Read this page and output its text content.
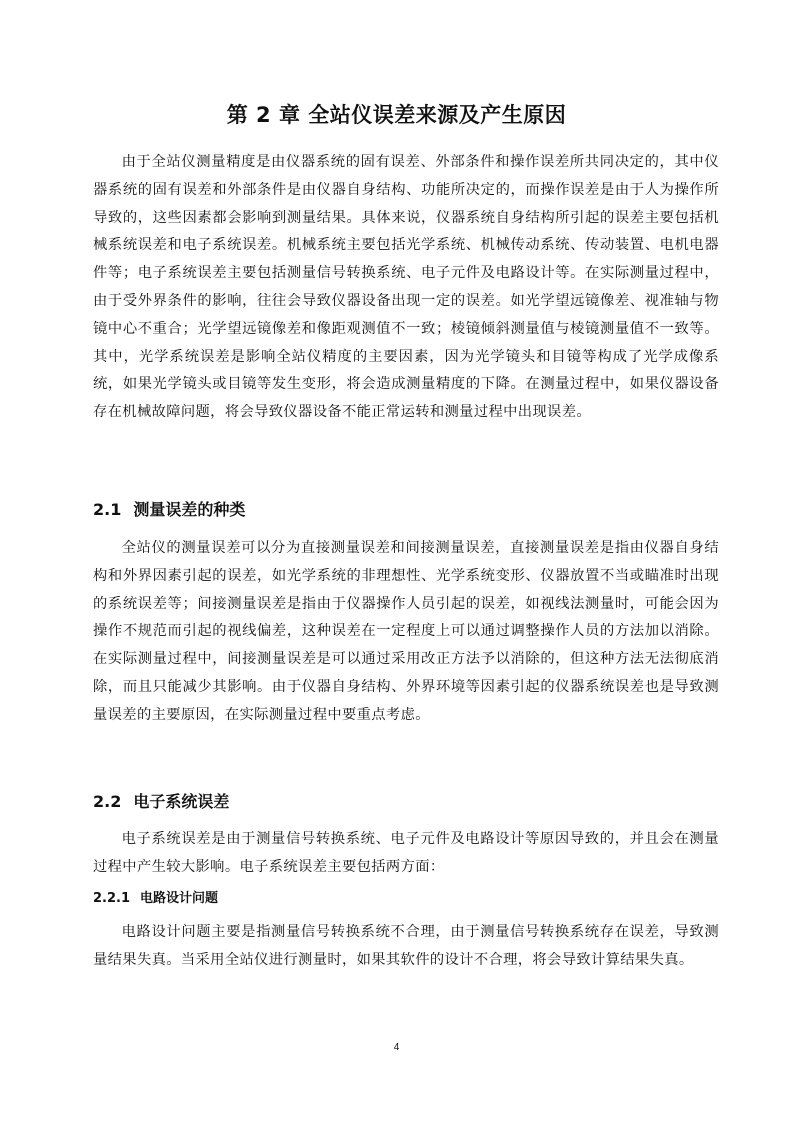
第 2 章 全站仪误差来源及产生原因

由于全站仪测量精度是由仪器系统的固有误差、外部条件和操作误差所共同决定的，其中仪器系统的固有误差和外部条件是由仪器自身结构、功能所决定的，而操作误差是由于人为操作所导致的，这些因素都会影响到测量结果。具体来说，仪器系统自身结构所引起的误差主要包括机械系统误差和电子系统误差。机械系统主要包括光学系统、机械传动系统、传动装置、电机电器件等；电子系统误差主要包括测量信号转换系统、电子元件及电路设计等。在实际测量过程中，由于受外界条件的影响，往往会导致仪器设备出现一定的误差。如光学望远镜像差、视准轴与物镜中心不重合；光学望远镜像差和像距观测值不一致；棱镜倾斜测量值与棱镜测量值不一致等。其中，光学系统误差是影响全站仪精度的主要因素，因为光学镜头和目镜等构成了光学成像系统，如果光学镜头或目镜等发生变形，将会造成测量精度的下降。在测量过程中，如果仪器设备存在机械故障问题，将会导致仪器设备不能正常运转和测量过程中出现误差。

2.1 测量误差的种类

全站仪的测量误差可以分为直接测量误差和间接测量误差，直接测量误差是指由仪器自身结构和外界因素引起的误差，如光学系统的非理想性、光学系统变形、仪器放置不当或瞄准时出现的系统误差等；间接测量误差是指由于仪器操作人员引起的误差，如视线法测量时，可能会因为操作不规范而引起的视线偏差，这种误差在一定程度上可以通过调整操作人员的方法加以消除。在实际测量过程中，间接测量误差是可以通过采用改正方法予以消除的，但这种方法无法彻底消除，而且只能减少其影响。由于仪器自身结构、外界环境等因素引起的仪器系统误差也是导致测量误差的主要原因，在实际测量过程中要重点考虑。

2.2 电子系统误差

电子系统误差是由于测量信号转换系统、电子元件及电路设计等原因导致的，并且会在测量过程中产生较大影响。电子系统误差主要包括两方面：

2.2.1 电路设计问题

电路设计问题主要是指测量信号转换系统不合理，由于测量信号转换系统存在误差，导致测量结果失真。当采用全站仪进行测量时，如果其软件的设计不合理，将会导致计算结果失真。

4
